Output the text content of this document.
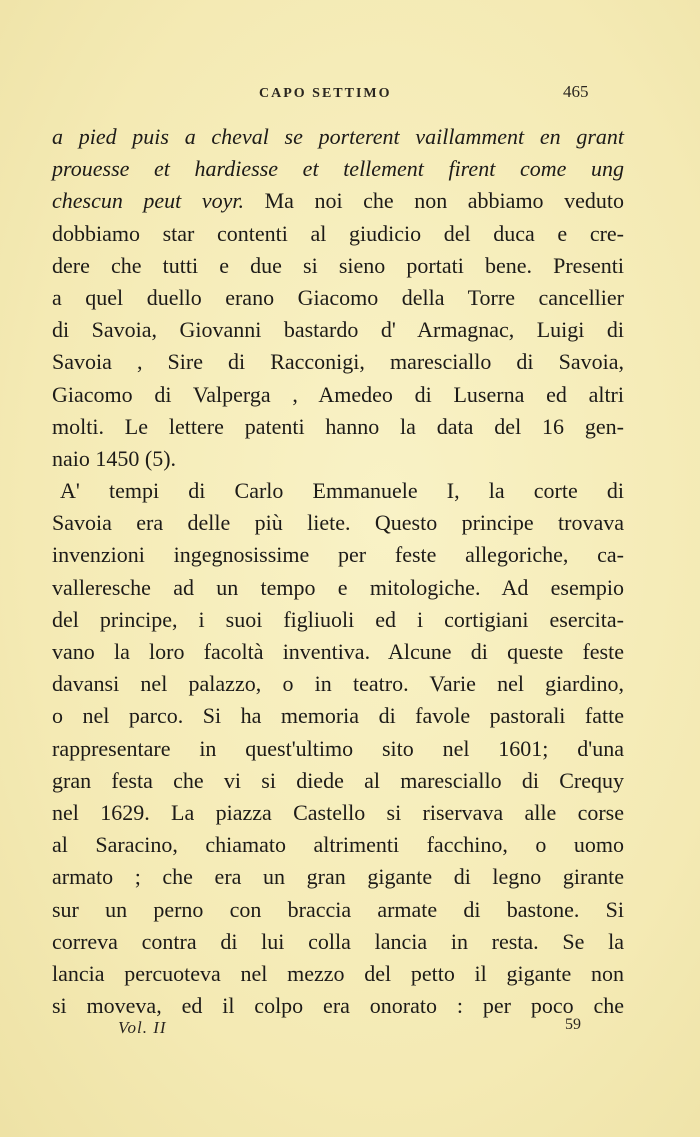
CAPO SETTIMO	465
a pied puis a cheval se porterent vaillamment en grant
prouesse et hardiesse et tellement firent come ung
chescun peut voyr. Ma noi che non abbiamo veduto
dobbiamo star contenti al giudicio del duca e cre-
dere che tutti e due si sieno portati bene. Presenti
a quel duello erano Giacomo della Torre cancellier
di Savoia, Giovanni bastardo d' Armagnac, Luigi di
Savoia , Sire di Racconigi, maresciallo di Savoia,
Giacomo di Valperga , Amedeo di Luserna ed altri
molti. Le lettere patenti hanno la data del 16 gen-
naio 1450 (5).
A' tempi di Carlo Emmanuele I, la corte di
Savoia era delle più liete. Questo principe trovava
invenzioni ingegnosissime per feste allegoriche, ca-
valleresche ad un tempo e mitologiche. Ad esempio
del principe, i suoi figliuoli ed i cortigiani esercita-
vano la loro facoltà inventiva. Alcune di queste feste
davansi nel palazzo, o in teatro. Varie nel giardino,
o nel parco. Si ha memoria di favole pastorali fatte
rappresentare in quest'ultimo sito nel 1601; d'una
gran festa che vi si diede al maresciallo di Crequy
nel 1629. La piazza Castello si riservava alle corse
al Saracino, chiamato altrimenti facchino, o uomo
armato ; che era un gran gigante di legno girante
sur un perno con braccia armate di bastone. Si
correva contra di lui colla lancia in resta. Se la
lancia percuoteva nel mezzo del petto il gigante non
si moveva, ed il colpo era onorato : per poco che
Vol. II	59
